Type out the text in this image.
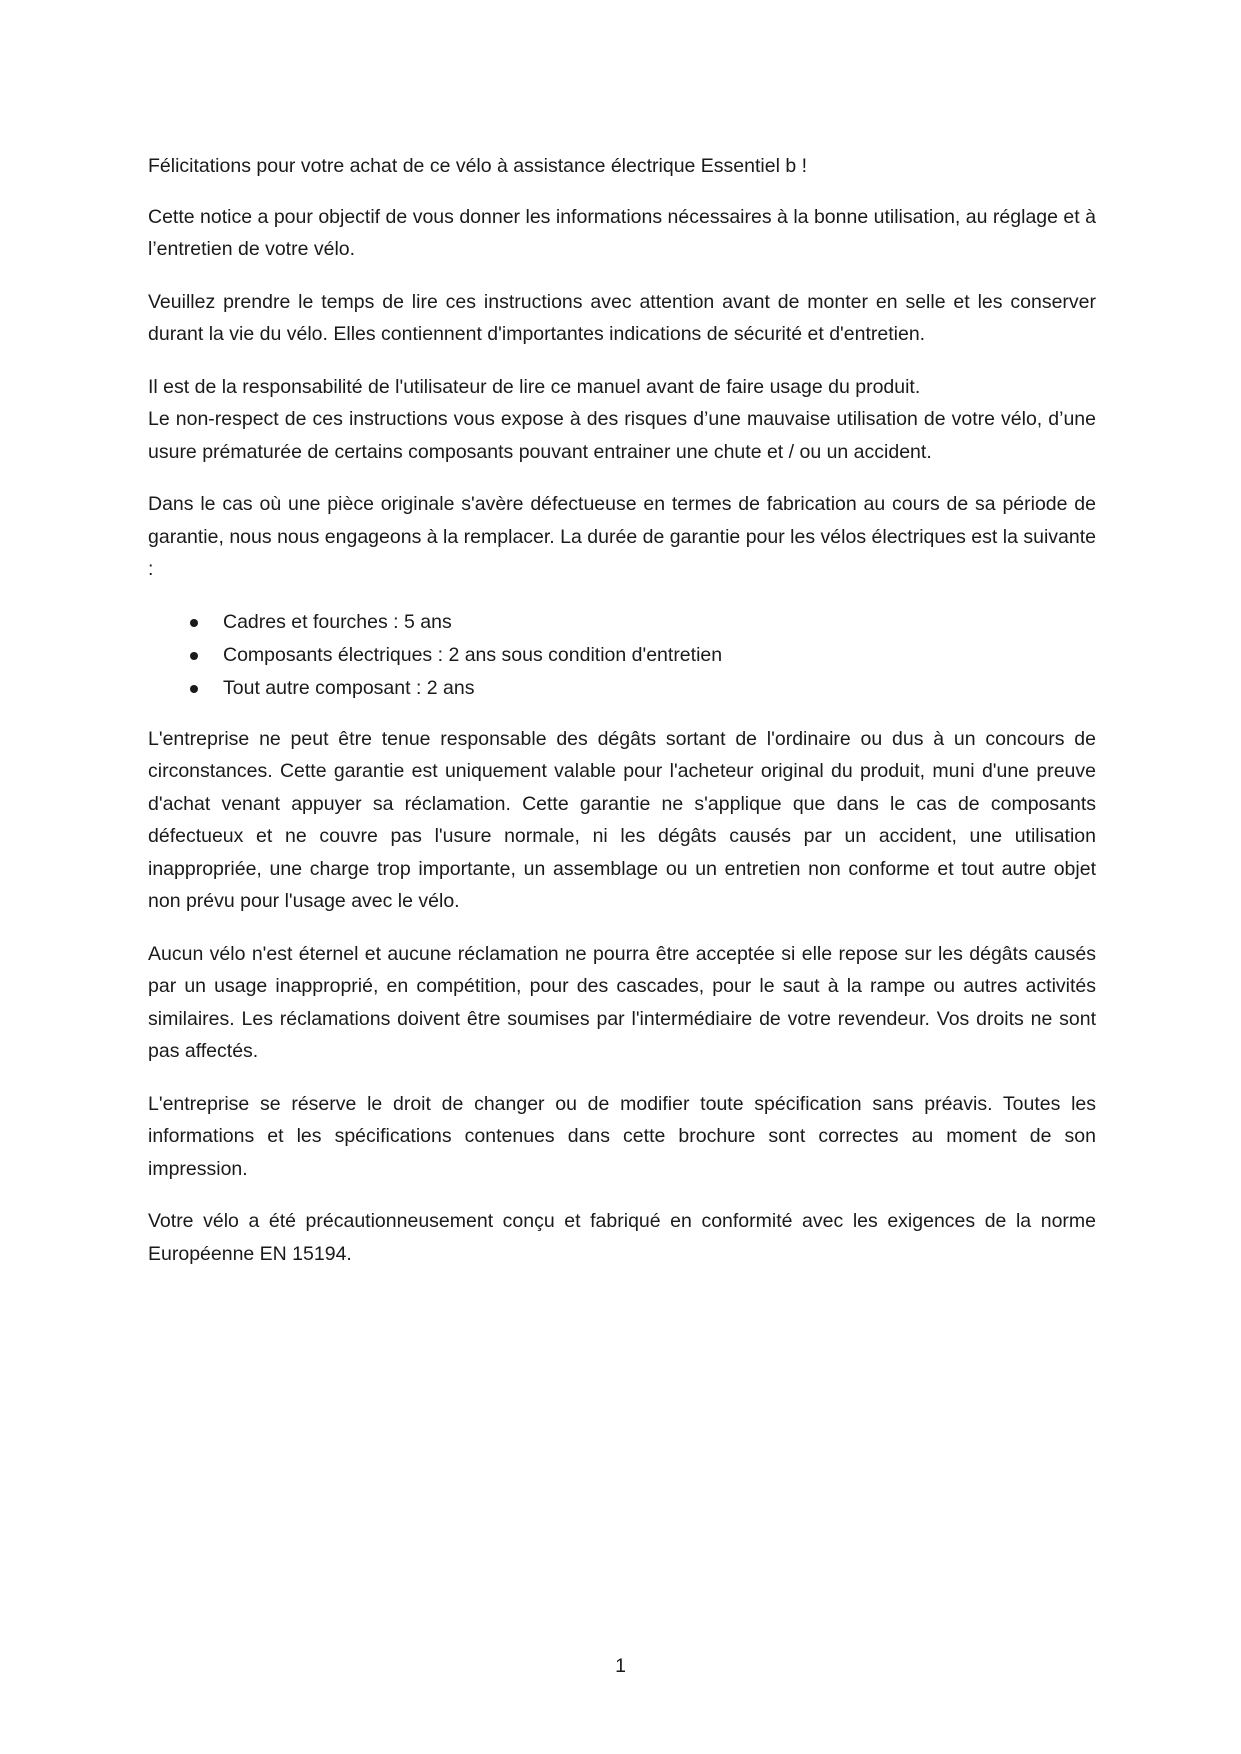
Félicitations pour votre achat de ce vélo à assistance électrique Essentiel b !

Cette notice a pour objectif de vous donner les informations nécessaires à la bonne utilisation, au réglage et à l’entretien de votre vélo.

Veuillez prendre le temps de lire ces instructions avec attention avant de monter en selle et les conserver durant la vie du vélo. Elles contiennent d'importantes indications de sécurité et d'entretien.

Il est de la responsabilité de l'utilisateur de lire ce manuel avant de faire usage du produit.
Le non-respect de ces instructions vous expose à des risques d’une mauvaise utilisation de votre vélo, d’une usure prématurée de certains composants pouvant entrainer une chute et / ou un accident.

Dans le cas où une pièce originale s'avère défectueuse en termes de fabrication au cours de sa période de garantie, nous nous engageons à la remplacer. La durée de garantie pour les vélos électriques est la suivante :

Cadres et fourches : 5 ans
Composants électriques : 2 ans sous condition d'entretien
Tout autre composant : 2 ans

L'entreprise ne peut être tenue responsable des dégâts sortant de l'ordinaire ou dus à un concours de circonstances. Cette garantie est uniquement valable pour l'acheteur original du produit, muni d'une preuve d'achat venant appuyer sa réclamation. Cette garantie ne s'applique que dans le cas de composants défectueux et ne couvre pas l'usure normale, ni les dégâts causés par un accident, une utilisation inappropriée, une charge trop importante, un assemblage ou un entretien non conforme et tout autre objet non prévu pour l'usage avec le vélo.

Aucun vélo n'est éternel et aucune réclamation ne pourra être acceptée si elle repose sur les dégâts causés par un usage inapproprié, en compétition, pour des cascades, pour le saut à la rampe ou autres activités similaires. Les réclamations doivent être soumises par l'intermédiaire de votre revendeur. Vos droits ne sont pas affectés.

L'entreprise se réserve le droit de changer ou de modifier toute spécification sans préavis. Toutes les informations et les spécifications contenues dans cette brochure sont correctes au moment de son impression.

Votre vélo a été précautionneusement conçu et fabriqué en conformité avec les exigences de la norme Européenne EN 15194.

1
